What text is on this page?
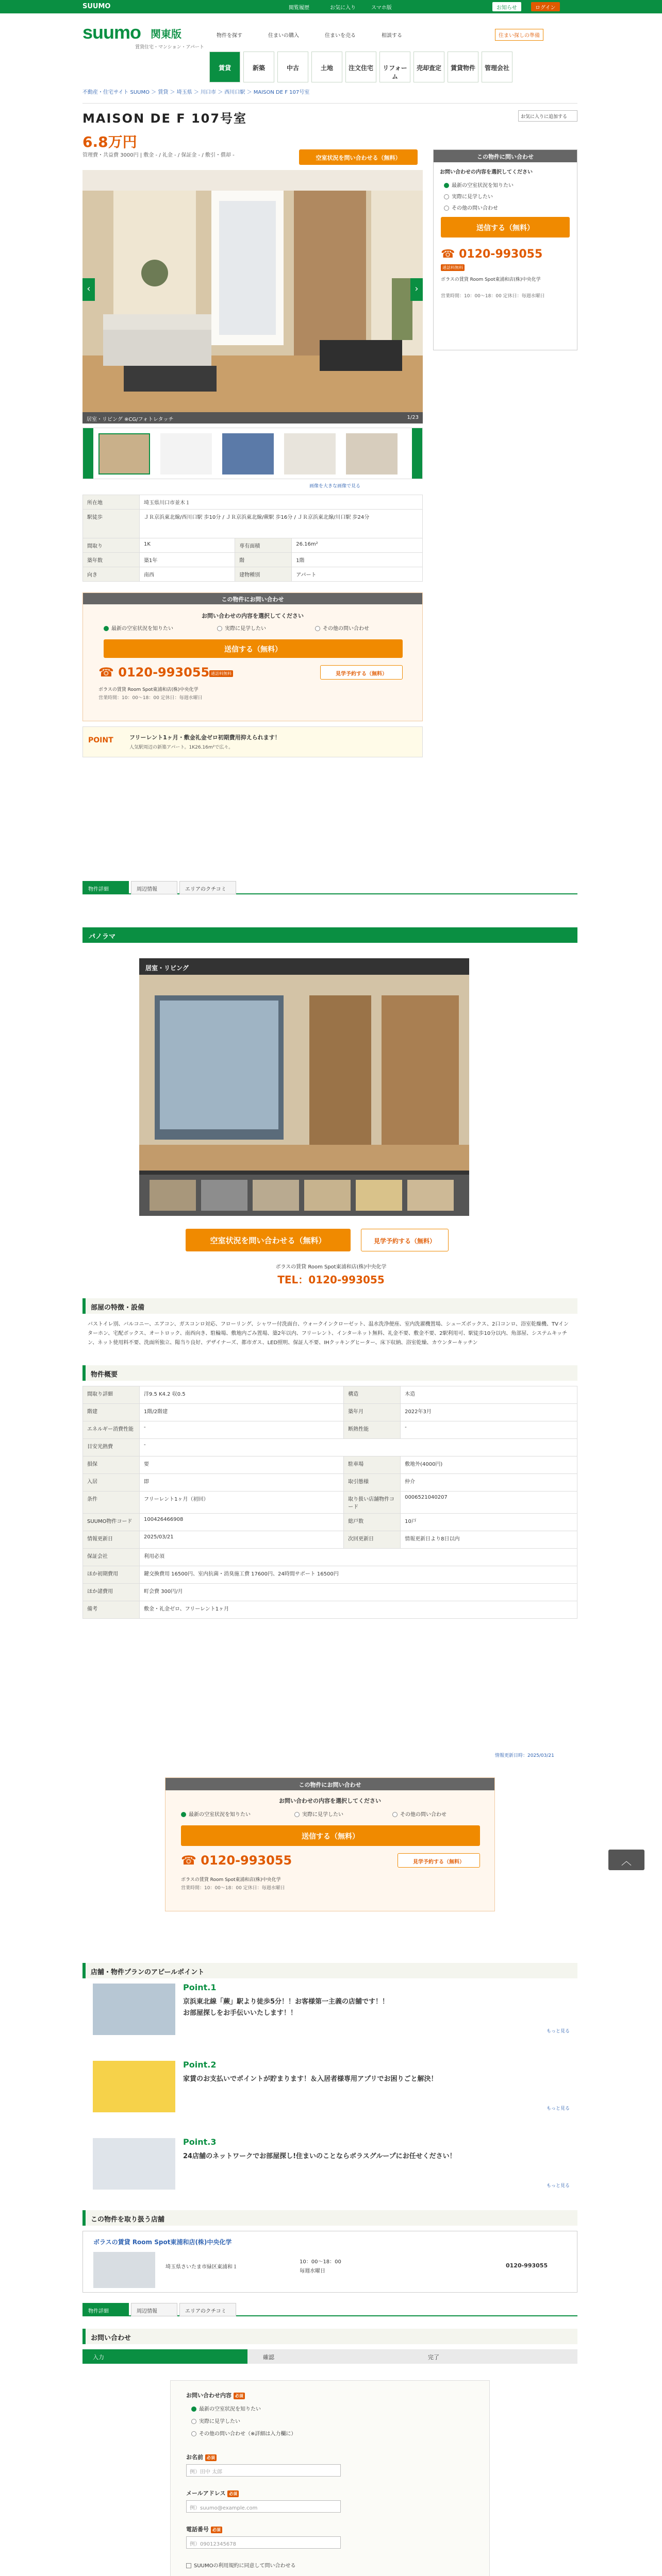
SUUMO	閲覧履歴	お気に入り	スマホ版	お知らせ	ログイン
suumo 関東版
賃貸住宅・マンション・アパート
物件を探す	住まいの購入	住まいを売る	相談する	住まい探しの準備
賃貸	新築	中古	土地	注文住宅	リフォーム
売却査定	賃貸物件	管理会社
不動産・住宅サイト SUUMO ＞ 賃貸 ＞ 埼玉県 ＞ 川口市 ＞ 西川口駅 ＞ MAISON DE F 107号室
MAISON DE F 107号室	お気に入りに追加する
6.8万円
管理費・共益費 3000円 | 敷金 - / 礼金 - / 保証金 - / 敷引・償却 -	空室状況を問い合わせる（無料）
‹	›
居室・リビング ※CG/フォトレタッチ	1/23
画像を大きな画像で見る
所在地	埼玉県川口市並木１		
駅徒歩	ＪＲ京浜東北線/西川口駅 歩10分 / ＪＲ京浜東北線/蕨駅 歩16分 / ＪＲ京浜東北線/川口駅 歩24分		
間取り	1K	専有面積	26.16m²
築年数	築1年	階	1階
向き	南西	建物種別	アパート
この物件にお問い合わせ
お問い合わせの内容を選択してください
最新の空室状況を知りたい	実際に見学したい	その他の問い合わせ
送信する（無料）
☎ 0120-993055 通話料無料	見学予約する（無料）
ボラスの賃貸 Room Spot東浦和店(株)中央化学
営業時間：10：00～18：00 定休日：毎週水曜日
POINT	フリーレント1ヶ月・敷金礼金ゼロ初期費用抑えられます！
人気駅周辺の新築アパート。1K26.16m²で広々。
この物件に問い合わせ
お問い合わせの内容を選択してください
最新の空室状況を知りたい
実際に見学したい
その他の問い合わせ
送信する（無料）
☎ 0120-993055
通話料無料
ボラスの賃貸 Room Spot東浦和店(株)中央化学
営業時間：10：00～18：00 定休日：毎週水曜日
物件詳細	周辺情報	エリアのクチコミ
パノラマ
居室・リビング
空室状況を問い合わせる（無料）	見学予約する（無料）
ボラスの賃貸 Room Spot東浦和店(株)中央化学
TEL：0120-993055
部屋の特徴・設備
バストイレ別、バルコニー、エアコン、ガスコンロ対応、フローリング、シャワー付洗面台、ウォークインクローゼット、温水洗浄便座、室内洗濯機置場、シューズボックス、2口コンロ、浴室乾燥機、TVインターホン、宅配ボックス、オートロック、南西向き、駐輪場、敷地内ごみ置場、築2年以内、フリーレント、インターネット無料、礼金不要、敷金不要、2駅利用可、駅徒歩10分以内、角部屋、システムキッチン、ネット使用料不要、洗面所独立、陽当り良好、デザイナーズ、都市ガス、LED照明、保証人不要、IHクッキングヒーター、床下収納、浴室乾燥、カウンターキッチン
物件概要
間取り詳細	洋9.5 K4.2 収0.5	構造	木造
階建	1階/2階建	築年月	2022年3月
エネルギー消費性能	-	断熱性能	-
目安光熱費	-		
損保	要	駐車場	敷地外(4000円)
入居	即	取引態様	仲介
条件	フリーレント1ヶ月（初回）	取り扱い店舗物件コード	0006521040207
SUUMO物件コード	100426466908	総戸数	10戸
情報更新日	2025/03/21	次回更新日	情報更新日より8日以内
保証会社	利用必須		
ほか初期費用	鍵交換費用 16500円、室内抗菌・消臭施工費 17600円、24時間サポート 16500円		
ほか諸費用	町会費 300円/月		
備考	敷金・礼金ゼロ、フリーレント1ヶ月		
情報更新日時：2025/03/21
この物件にお問い合わせ
お問い合わせの内容を選択してください
最新の空室状況を知りたい	実際に見学したい	その他の問い合わせ
送信する（無料）
☎ 0120-993055	見学予約する（無料）
ボラスの賃貸 Room Spot東浦和店(株)中央化学
営業時間：10：00～18：00 定休日：毎週水曜日
︿
店舗・物件プランのアピールポイント
Point.1
京浜東北線「蕨」駅より徒歩5分！！お客様第一主義の店舗です！！
お部屋探しをお手伝いいたします！！
もっと見る
Point.2
家賃のお支払いでポイントが貯まります！＆入居者様専用アプリでお困りごと解決！
もっと見る
Point.3
24店舗のネットワークでお部屋探し!住まいのことならボラスグループにお任せください！
もっと見る
この物件を取り扱う店舗
ボラスの賃貸 Room Spot東浦和店(株)中央化学
埼玉県さいたま市緑区東浦和１
10：00～18：00
毎週水曜日
0120-993055
物件詳細	周辺情報	エリアのクチコミ
お問い合わせ
入力	確認	完了
お問い合わせ内容 必須
最新の空室状況を知りたい
実際に見学したい
その他の問い合わせ（※詳細は入力欄に）
お名前 必須
例）田中 太郎
メールアドレス 必須
例）suumo@example.com
電話番号 必須
例）09012345678
SUUMOの利用規約に同意して問い合わせる
